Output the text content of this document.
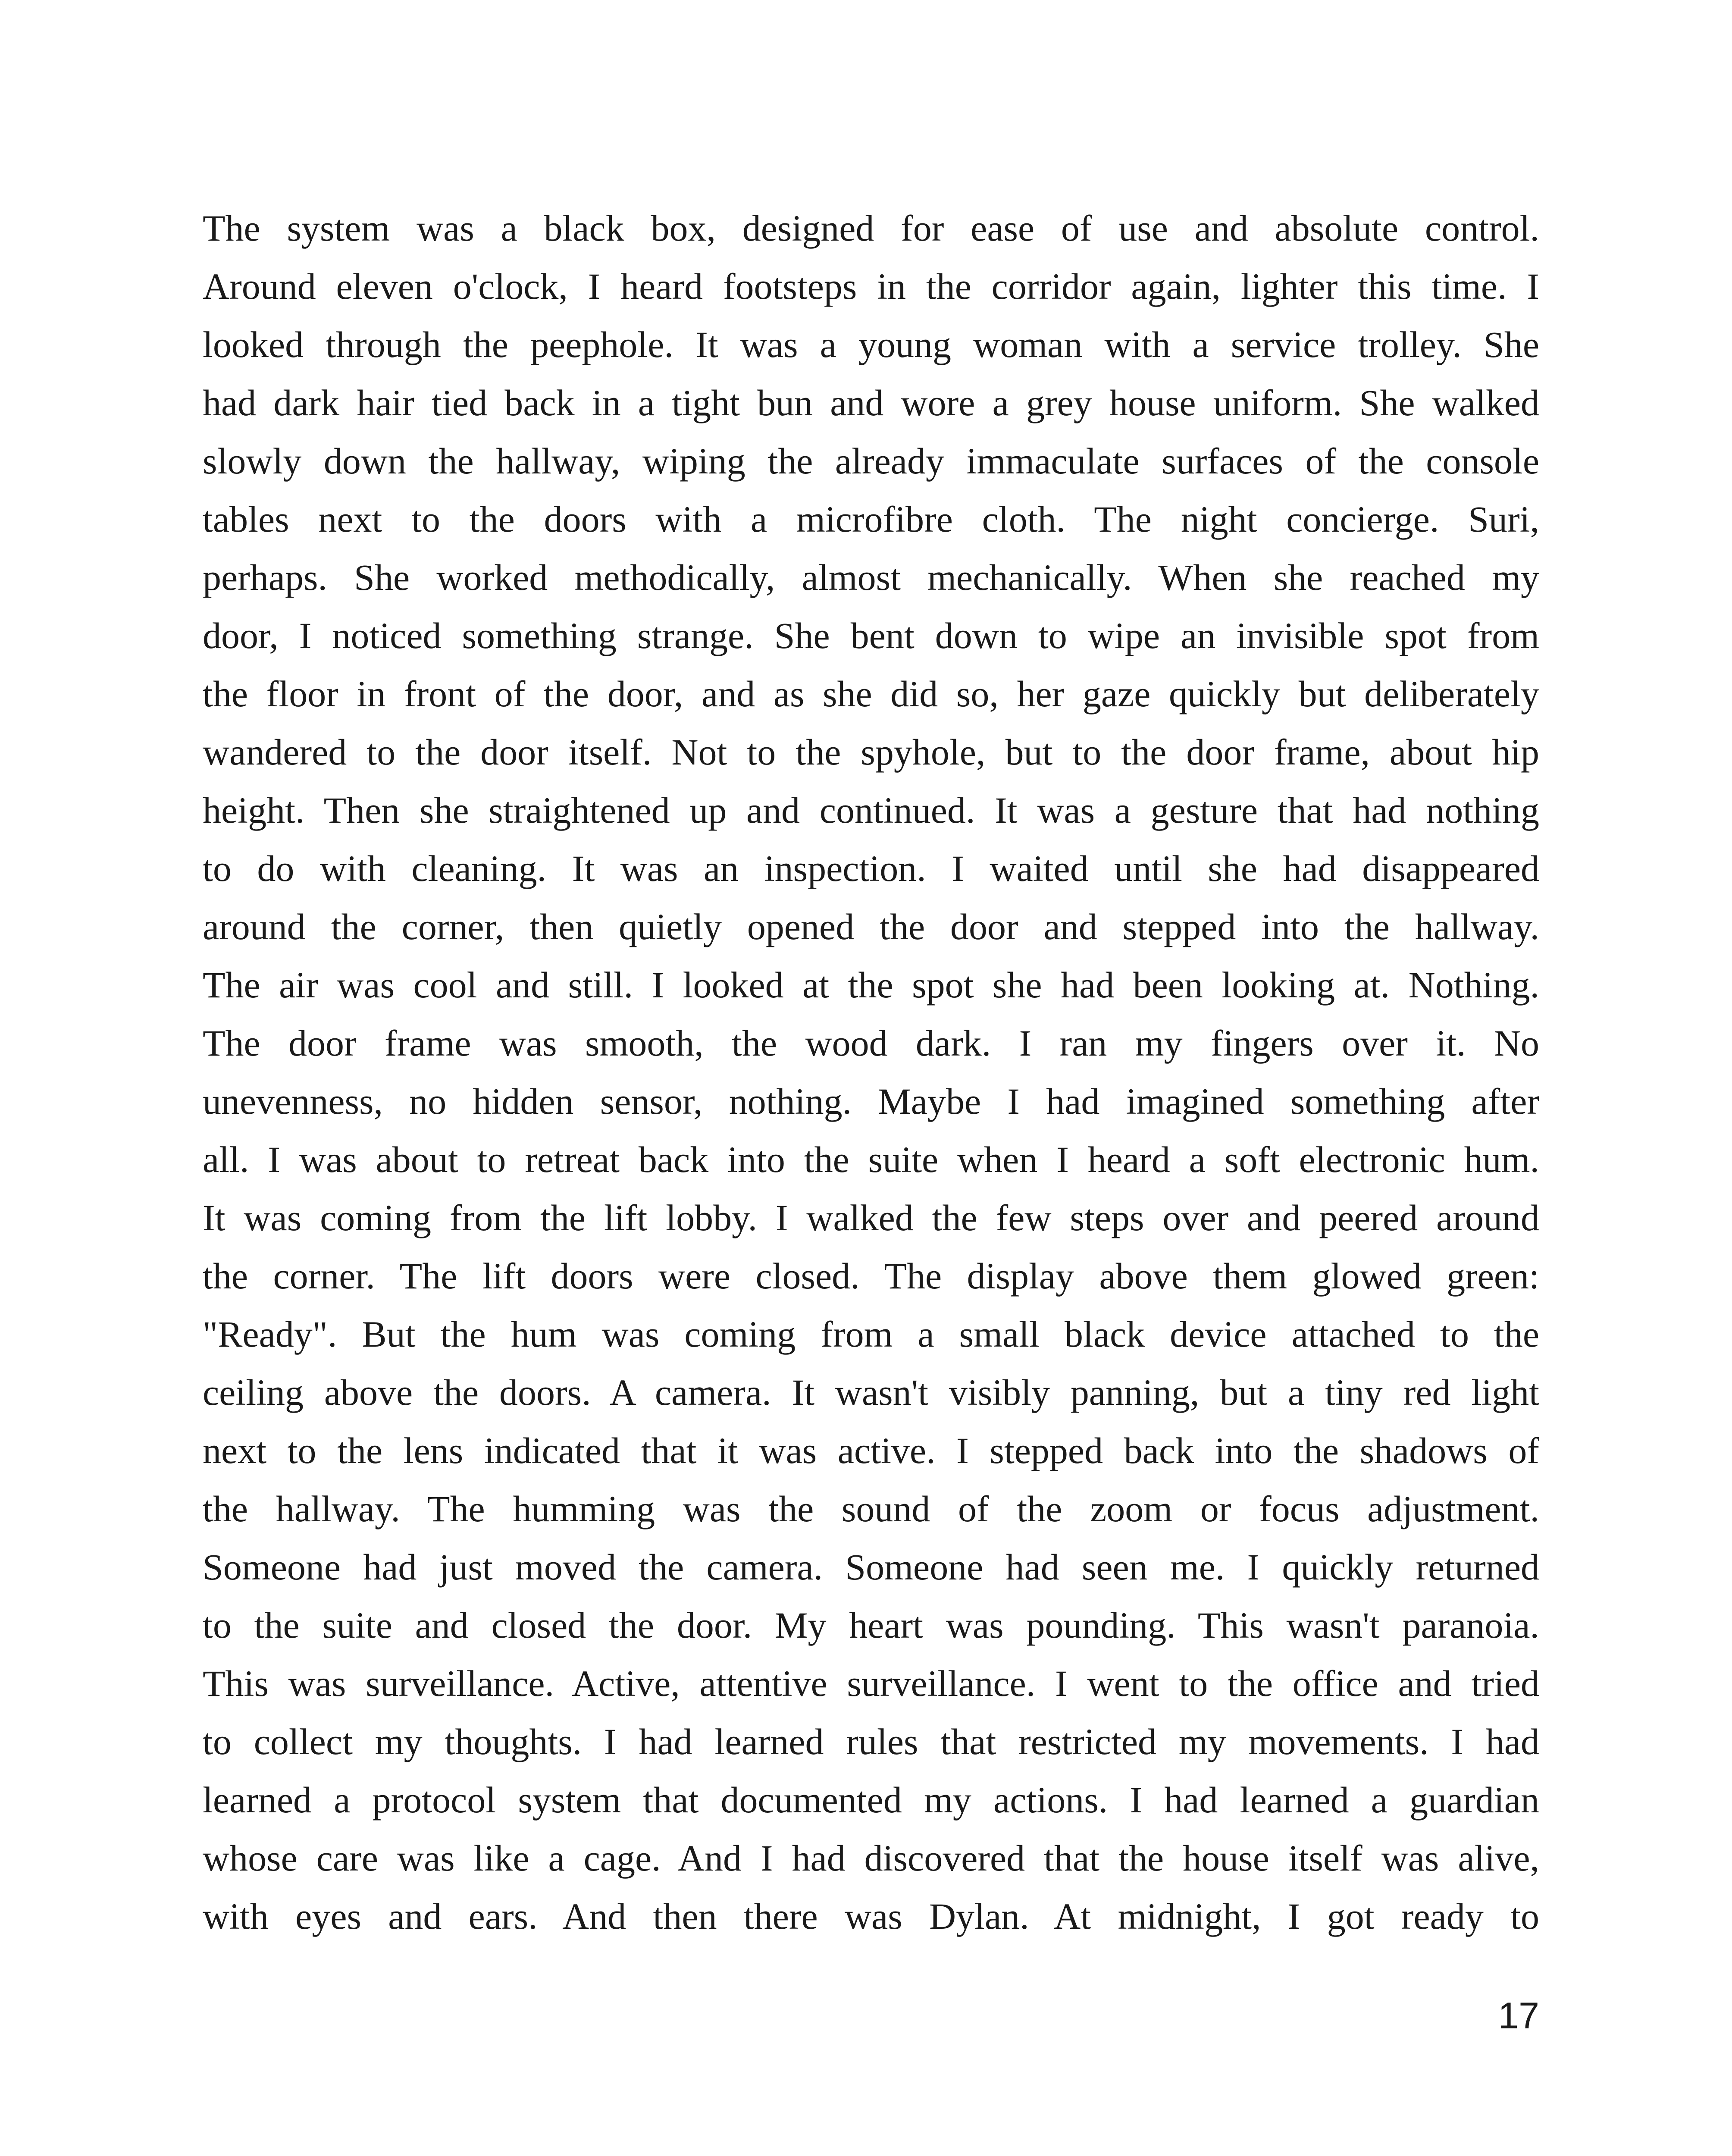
The system was a black box, designed for ease of use and absolute control.
Around eleven o'clock, I heard footsteps in the corridor again, lighter this time. I
looked through the peephole. It was a young woman with a service trolley. She
had dark hair tied back in a tight bun and wore a grey house uniform. She walked
slowly down the hallway, wiping the already immaculate surfaces of the console
tables next to the doors with a microfibre cloth. The night concierge. Suri,
perhaps. She worked methodically, almost mechanically. When she reached my
door, I noticed something strange. She bent down to wipe an invisible spot from
the floor in front of the door, and as she did so, her gaze quickly but deliberately
wandered to the door itself. Not to the spyhole, but to the door frame, about hip
height. Then she straightened up and continued. It was a gesture that had nothing
to do with cleaning. It was an inspection. I waited until she had disappeared
around the corner, then quietly opened the door and stepped into the hallway.
The air was cool and still. I looked at the spot she had been looking at. Nothing.
The door frame was smooth, the wood dark. I ran my fingers over it. No
unevenness, no hidden sensor, nothing. Maybe I had imagined something after
all. I was about to retreat back into the suite when I heard a soft electronic hum.
It was coming from the lift lobby. I walked the few steps over and peered around
the corner. The lift doors were closed. The display above them glowed green:
"Ready". But the hum was coming from a small black device attached to the
ceiling above the doors. A camera. It wasn't visibly panning, but a tiny red light
next to the lens indicated that it was active. I stepped back into the shadows of
the hallway. The humming was the sound of the zoom or focus adjustment.
Someone had just moved the camera. Someone had seen me. I quickly returned
to the suite and closed the door. My heart was pounding. This wasn't paranoia.
This was surveillance. Active, attentive surveillance. I went to the office and tried
to collect my thoughts. I had learned rules that restricted my movements. I had
learned a protocol system that documented my actions. I had learned a guardian
whose care was like a cage. And I had discovered that the house itself was alive,
with eyes and ears. And then there was Dylan. At midnight, I got ready to
17
